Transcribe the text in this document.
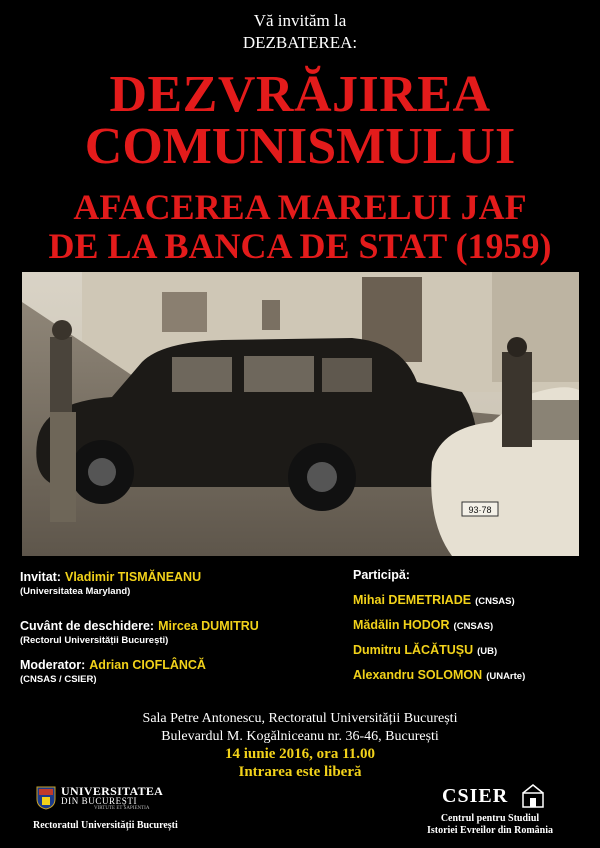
Vă invităm la
DEZBATEREA:
DEZVRĂJIREA
COMUNISMULUI
AFACEREA MARELUI JAF
DE LA BANCA DE STAT (1959)
93·78
Invitat: Vladimir TISMĂNEANU
(Universitatea Maryland)
Cuvânt de deschidere: Mircea DUMITRU
(Rectorul Universității București)
Moderator: Adrian CIOFLÂNCĂ
(CNSAS / CSIER)
Participă:
Mihai DEMETRIADE (CNSAS)
Mădălin HODOR (CNSAS)
Dumitru LĂCĂTUȘU (UB)
Alexandru SOLOMON (UNArte)
Sala Petre Antonescu, Rectoratul Universității București
Bulevardul M. Kogălniceanu nr. 36-46, București
14 iunie 2016, ora 11.00
Intrarea este liberă
UNIVERSITATEA
DIN BUCUREȘTI
VIRTUTE ET SAPIENTIA
Rectoratul Universității București
CSIER
Centrul pentru Studiul
Istoriei Evreilor din România
